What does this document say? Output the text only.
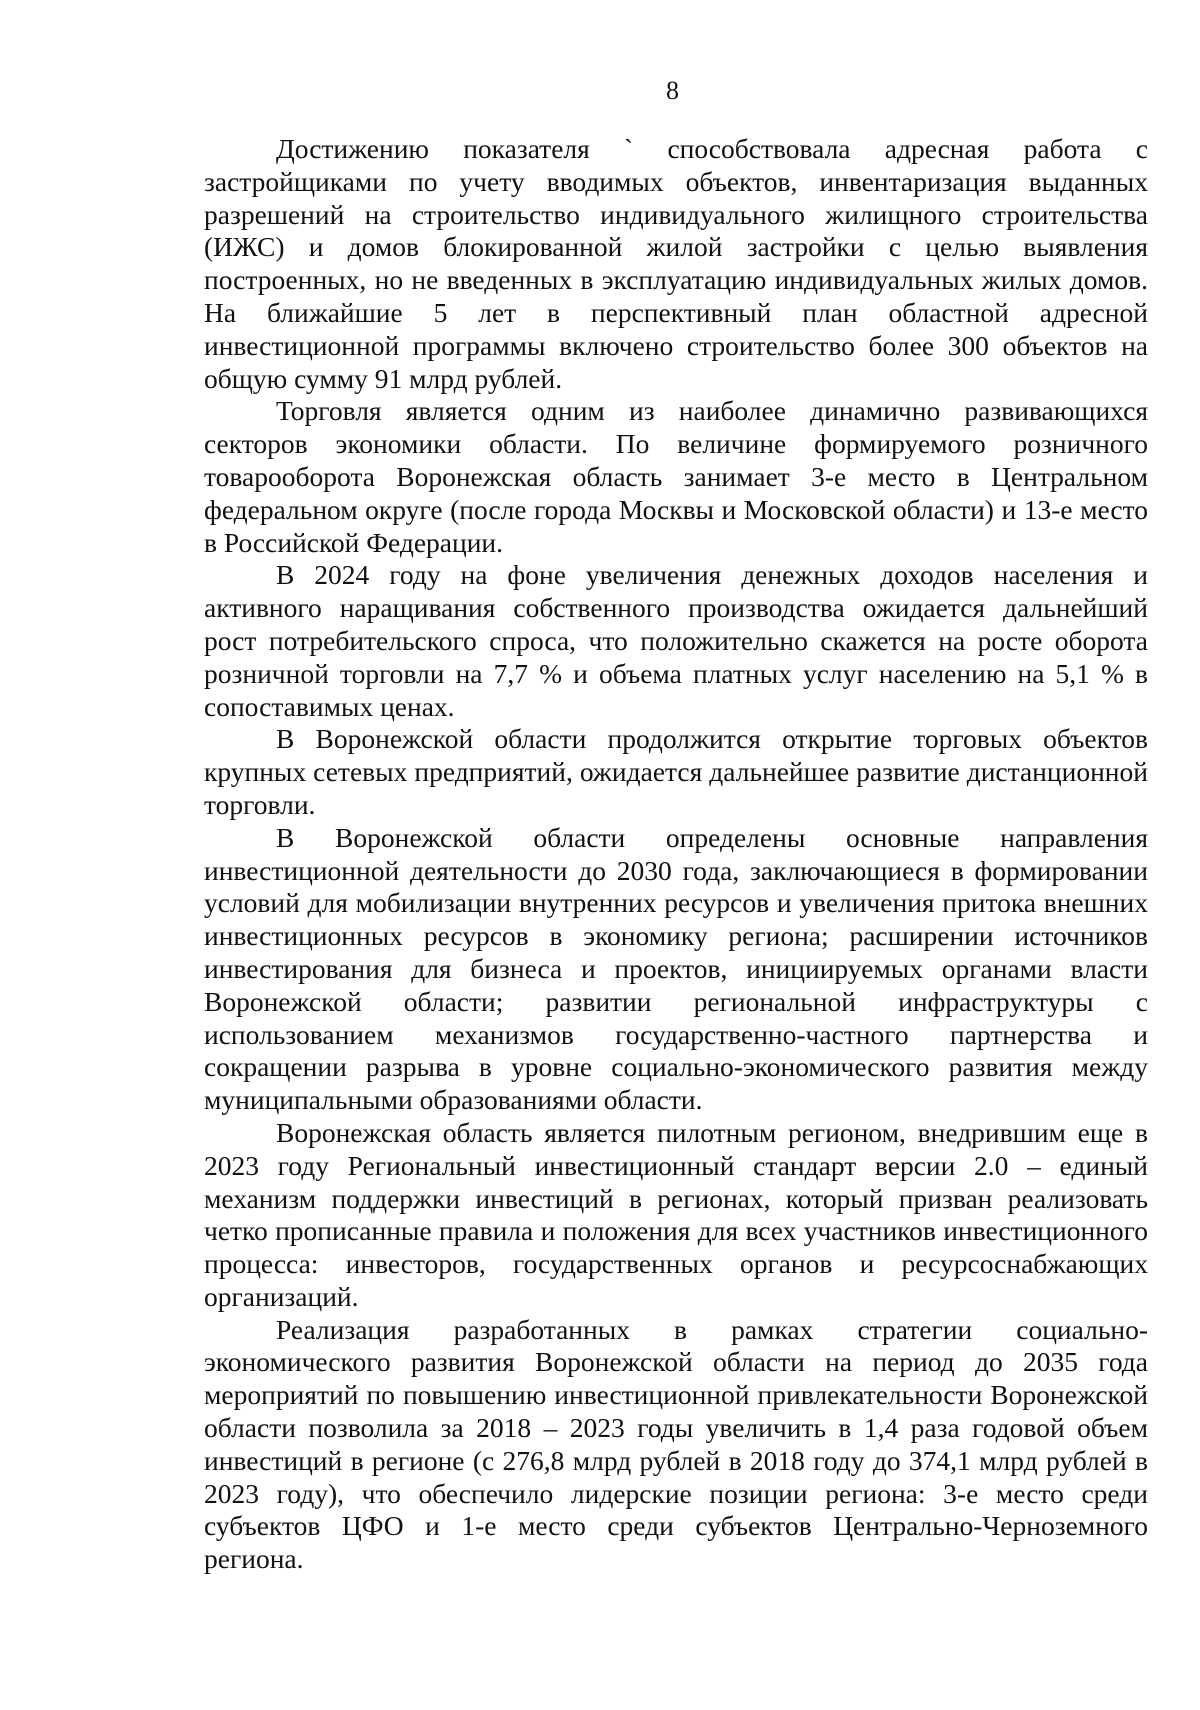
8

Достижению показателя ` способствовала адресная работа с застройщиками по учету вводимых объектов, инвентаризация выданных разрешений на строительство индивидуального жилищного строительства (ИЖС) и домов блокированной жилой застройки с целью выявления построенных, но не введенных в эксплуатацию индивидуальных жилых домов. На ближайшие 5 лет в перспективный план областной адресной инвестиционной программы включено строительство более 300 объектов на общую сумму 91 млрд рублей.

Торговля является одним из наиболее динамично развивающихся секторов экономики области. По величине формируемого розничного товарооборота Воронежская область занимает 3-е место в Центральном федеральном округе (после города Москвы и Московской области) и 13-е место в Российской Федерации.

В 2024 году на фоне увеличения денежных доходов населения и активного наращивания собственного производства ожидается дальнейший рост потребительского спроса, что положительно скажется на росте оборота розничной торговли на 7,7 % и объема платных услуг населению на 5,1 % в сопоставимых ценах.

В Воронежской области продолжится открытие торговых объектов крупных сетевых предприятий, ожидается дальнейшее развитие дистанционной торговли.

В Воронежской области определены основные направления инвестиционной деятельности до 2030 года, заключающиеся в формировании условий для мобилизации внутренних ресурсов и увеличения притока внешних инвестиционных ресурсов в экономику региона; расширении источников инвестирования для бизнеса и проектов, инициируемых органами власти Воронежской области; развитии региональной инфраструктуры с использованием механизмов государственно-частного партнерства и сокращении разрыва в уровне социально-экономического развития между муниципальными образованиями области.

Воронежская область является пилотным регионом, внедрившим еще в 2023 году Региональный инвестиционный стандарт версии 2.0 – единый механизм поддержки инвестиций в регионах, который призван реализовать четко прописанные правила и положения для всех участников инвестиционного процесса: инвесторов, государственных органов и ресурсоснабжающих организаций.

Реализация разработанных в рамках стратегии социально-экономического развития Воронежской области на период до 2035 года мероприятий по повышению инвестиционной привлекательности Воронежской области позволила за 2018 – 2023 годы увеличить в 1,4 раза годовой объем инвестиций в регионе (с 276,8 млрд рублей в 2018 году до 374,1 млрд рублей в 2023 году), что обеспечило лидерские позиции региона: 3-е место среди субъектов ЦФО и 1-е место среди субъектов Центрально-Черноземного региона.
